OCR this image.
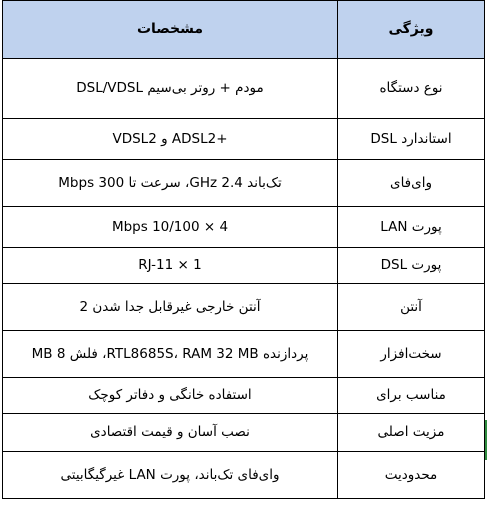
مشخصات	ویژگی
مودم + روتر بی‌سیم DSL/VDSL	نوع دستگاه
+ADSL2 و VDSL2	استاندارد DSL
تک‌باند 2.4 GHz، سرعت تا 300 Mbps	وای‌فای
4 × 10/100 Mbps	پورت LAN
1 × RJ-11	پورت DSL
آنتن خارجی غیرقابل جدا شدن 2	آنتن
پردازنده RTL8685S، RAM 32 MB، فلش 8 MB	سخت‌افزار
استفاده خانگی و دفاتر کوچک	مناسب برای
نصب آسان و قیمت اقتصادی	مزیت اصلی
وای‌فای تک‌باند، پورت LAN غیرگیگابیتی	محدودیت
